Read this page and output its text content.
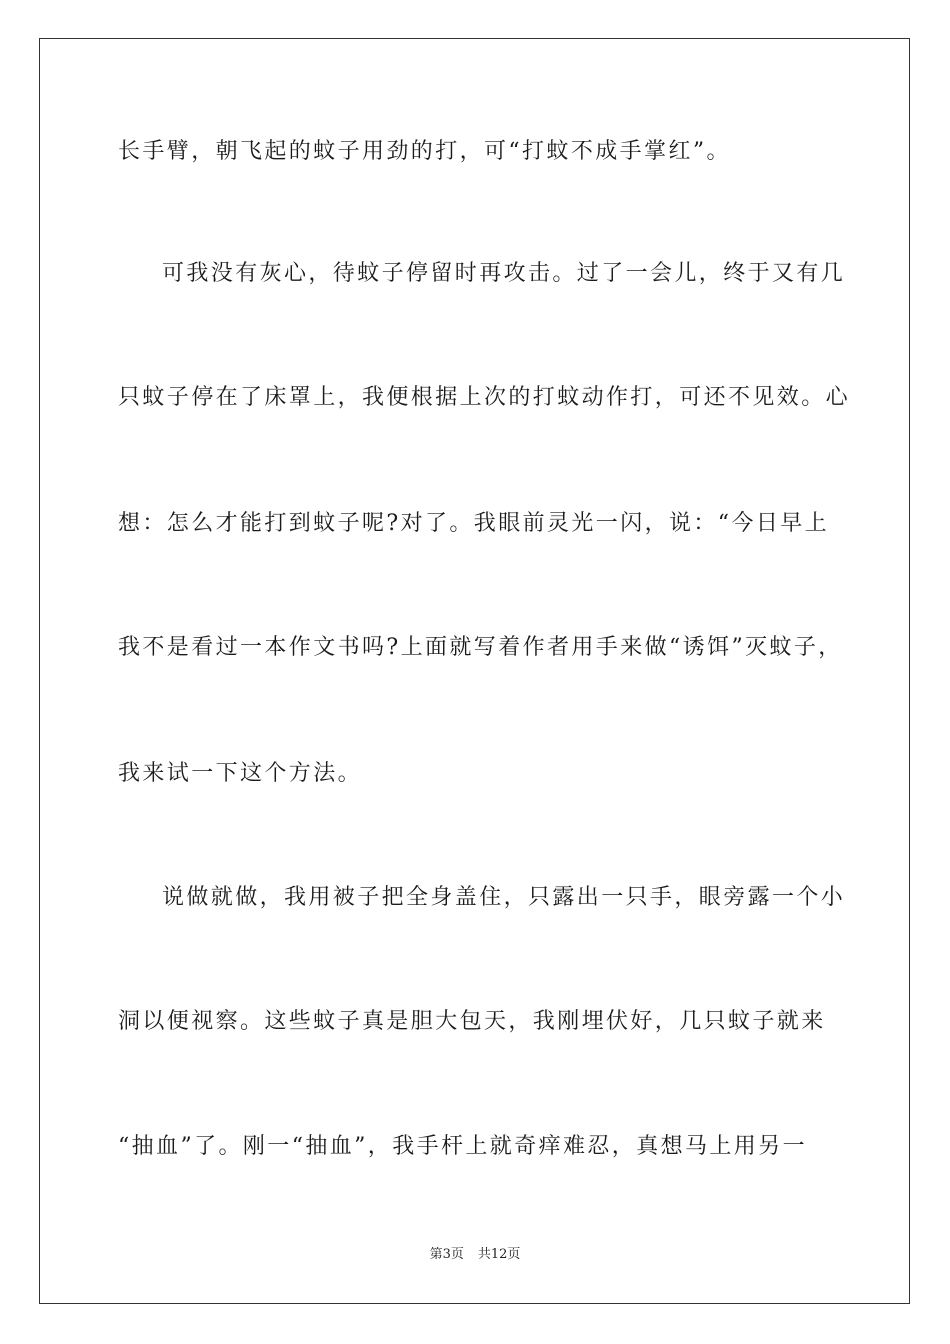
长手臂，朝飞起的蚊子用劲的打，可“打蚊不成手掌红”。
可我没有灰心，待蚊子停留时再攻击。过了一会儿，终于又有几
只蚊子停在了床罩上，我便根据上次的打蚊动作打，可还不见效。心
想：怎么才能打到蚊子呢?对了。我眼前灵光一闪，说：“今日早上
我不是看过一本作文书吗?上面就写着作者用手来做“诱饵”灭蚊子，
我来试一下这个方法。
说做就做，我用被子把全身盖住，只露出一只手，眼旁露一个小
洞以便视察。这些蚊子真是胆大包天，我刚埋伏好，几只蚊子就来
“抽血”了。刚一“抽血”，我手杆上就奇痒难忍，真想马上用另一
第3页 共12页
